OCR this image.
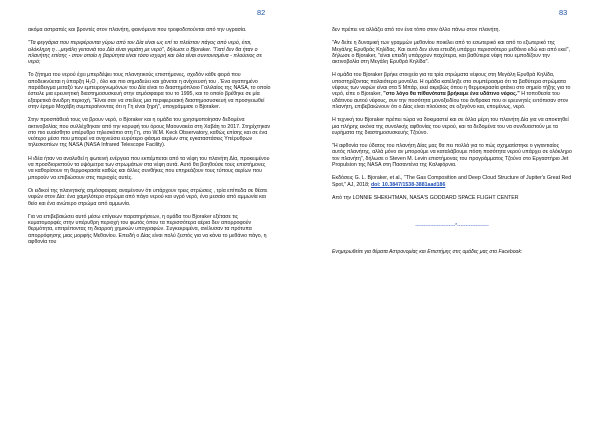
82

ακόμα αστραπές και βροντές στον πλανήτη, φαινόμενα που τροφοδοτούνται από την υγρασία.

"Τα φεγγάρια που περιφέρονται γύρω από τον Δία είναι ως επί το πλείστον πάγος από νερό, έτσι, ολόκληρη η ...μεγάλη γειτονιά του Δία είναι γεμάτη με νερό", δήλωσε ο Bjoraker. "Γιατί δεν θα ήταν ο πλανήτης επίσης - στον οποίο η βαρύτητα είναι τόσο ισχυρή και όλα είναι συντονισμένα - πλούσιος σε νερό;

Το ζήτημα του νερού έχει μπερδέψει τους πλανητικούς επιστήμονες, σχεδόν κάθε φορά που αποδεικνύεται η ύπαρξη H₂O , όλο και πιο σημαδεύει και χάνεται η ανίχνευσή του . Ένα αγαπημένο παράδειγμα μεταξύ των εμπειρογνωμόνων του Δία είναι το διαστημόπλοιο Γαλιλαίος της NASA, το οποίο έστειλε μια ερευνητική διαστημοσυσκευή στην ατμόσφαιρα του το 1995, και το οποίο βρέθηκε σε μία εξαιρετικά άνυδρη περιοχή. "Είναι σαν να στείλεις μια περιφερειακή διαστημοσυσκευή να προσγειωθεί στην έρημο Μοχάβη συμπεραίνοντας ότι η Γη είναι ξηρή", υπογράμμισε ο Bjoraker.

Στην προσπάθειά τους να βρουν νερό, ο Bjoraker και η ομάδα του χρησιμοποίησαν δεδομένα ακτινοβολίας που συλλέχθηκαν από την κορυφή του όρους Μαουνακέα στη Χαβάη το 2017. Στηρίχτηκαν στο πιο ευαίσθητο υπέρυθρο τηλεσκόπιο στη Γη, στο W.M. Keck Observatory, καθώς επίσης και σε ένα νεότερο μέσο που μπορεί να ανιχνεύσει ευρύτερο φάσμα αερίων στις εγκαταστάσεις Υπέρυθρων τηλεσκοπίων της NASA (NASA Infrared Telescope Facility).

Η ιδέα ήταν να αναλυθεί η φωτεινή ενέργεια που εκπέμπεται από τα νέφη του πλανήτη Δία, προκειμένου να προσδιοριστούν τα υψόμετρα των στρωμάτων στα νέφη αυτά. Αυτό θα βοηθούσε τους επιστήμονες να καθορίσουν τη θερμοκρασία καθώς και άλλες συνθήκες που επηρεάζουν τους τύπους αερίων που μπορούν να επιβιώσουν στις περιοχές αυτές.

Οι ειδικοί της πλανητικής ατμόσφαιρας αναμένουν ότι υπάρχουν τρεις στρώσεις , τρία επίπεδα σε θέατε νεφών στον Δία: ένα χαμηλότερο στρώμα από πάγο νερού και υγρό νερό, ένα μεσαίο από αμμωνία και θείο και ένα ανώτερο στρώμα από αμμωνία.

Για να επιβεβαιώσει αυτό μέσω επίγειων παρατηρήσεων, η ομάδα του Bjoraker εξέτασε τις κυματομορφές στην υπέρυθρη περιοχή του φωτός όπου τα περισσότερα αέρια δεν απορροφούν θερμότητα, επιτρέποντας τη διαρροή χημικών υπογραφών. Συγκεκριμένα, ανέλυσαν τα πρότυπα απορρόφησης μιας μορφής Μεθανίου. Επειδή ο Δίας είναι πολύ ζεστός για να κάνει το μεθάνιο πάγο, η αφθονία του

83

δεν πρέπει να αλλάζει από τον ένα τόπο στον άλλο πάνω στον πλανήτη.

"Αν δείτε η δυναμική των γραμμών μεθανίου ποικίλει από το εσωτερικό και από το εξωτερικό της Μεγάλης Ερυθράς Κηλίδας. Και αυτό δεν είναι επειδή υπάρχει περισσότερο μεθάνιο εδώ και από εκεί", δήλωσε ο Bjoraker, "είναι επειδή υπάρχουν παχύτερα, και βαθύτερα νέφη που εμποδίζουν την ακτινοβολία στη Μεγάλη Ερυθρά Κηλίδα".

Η ομάδα του Bjoraker βρήκε στοιχεία για τα τρία στρώματα νέφους στη Μεγάλη Ερυθρά Κηλίδα, υποστηρίζοντας παλαιότερα μοντέλα. Η ομάδα κατέληξε στο συμπέρασμα ότι τα βαθύτερα στρώματα νέφους των νεφών είναι στα 5 Μπάρ, εκεί ακριβώς όπου η θερμοκρασία φτάνει στο σημείο τήξης για το νερό, είπε ο Bjoraker, "στο λόγο θα πίθανότατα βρήκαμε ένα υδάτινο νέφος." Η τοποθεσία του υδάτινου αυτού νέφους, συν την ποσότητα μονοξειδίου του άνθρακα που οι ερευνητές εντόπισαν στον πλανήτη, επιβεβαιώνουν ότι ο Δίας είναι πλούσιος σε οξυγόνο και, επομένως, νερό.

Η τεχνική του Bjoraker πρέπει τώρα να δοκιμαστεί και σε άλλα μέρη του πλανήτη Δία για να αποκτηθεί μια πλήρης εικόνα της συνολικής αφθονίας του νερού, και τα δεδομένα του να συνδυαστούν με τα ευρήματα της διαστημοσυσκευής Τζούνο.

"Η αφθονία του ύδατος του πλανήτη Δίας μας θα πει πολλά για το πώς σχηματίστηκε ο γιγαντιαίος αυτός πλανήτης, αλλά μόνο αν μπορούμε να καταλάβουμε πόση ποσότητα νερού υπάρχει σε ολόκληρο τον πλανήτη", δήλωσε ο Steven M. Levin επιστήμονας του προγράμματος Τζούνο στο Εργαστήριο Jet Propulsion της NASA στη Πασαντένα της Καλιφόρνια.

Εκδόσεις G. L. Bjoraker, et al., "The Gas Composition and Deep Cloud Structure of Jupiter's Great Red Spot," AJ, 2018; doi: 10.3847/1538-3881aad186

Από την LONNIE SHEKHTMAN, NASA'S GODDARD SPACE FLIGHT CENTER

------------------------*-------------------

Ενημερωθείτε για θέματα Αστρονομίας και Επιστήμης στις ομάδες μας στο Facebook:
